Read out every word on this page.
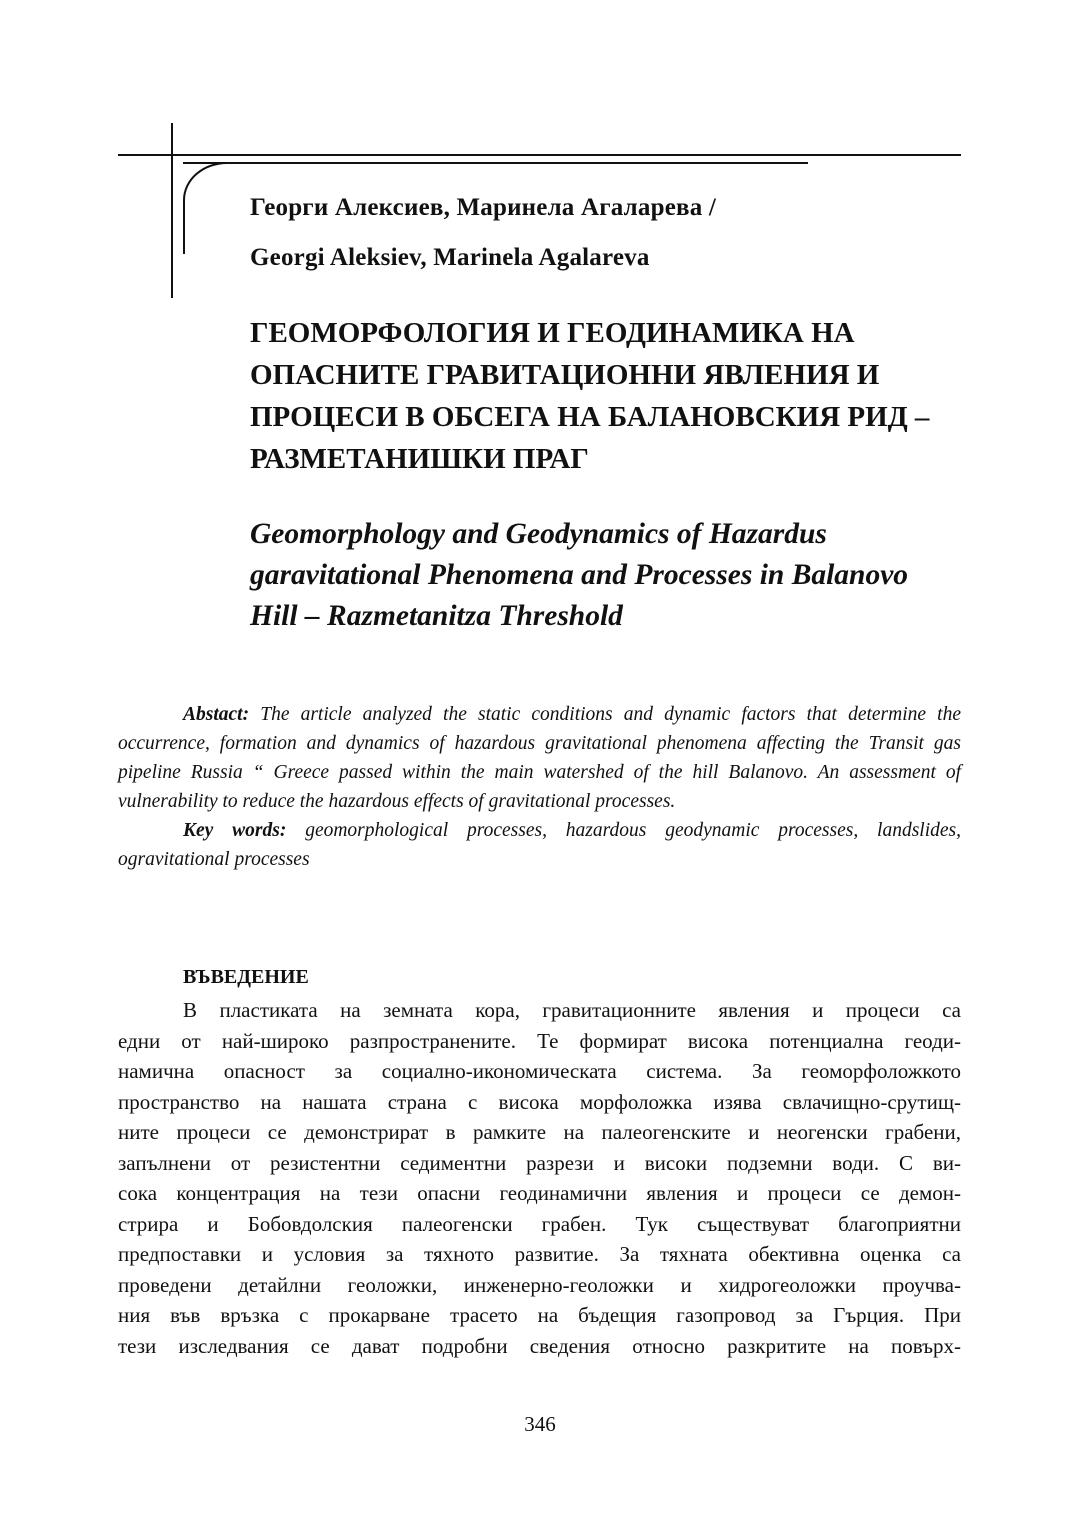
Георги Алексиев, Маринела Агаларева /
Georgi Aleksiev, Marinela Agalareva
ГЕОМОРФОЛОГИЯ И ГЕОДИНАМИКА НА
ОПАСНИТЕ ГРАВИТАЦИОННИ ЯВЛЕНИЯ И
ПРОЦЕСИ В ОБСЕГА НА БАЛАНОВСКИЯ РИД –
РАЗМЕТАНИШКИ ПРАГ
Geomorphology and Geodynamics of Hazardus
garavitational Phenomena and Processes in Balanovo
Hill – Razmetanitza Threshold

Abstact: The article analyzed the static conditions and dynamic factors that determine the occurrence, formation and dynamics of hazardous gravitational phenomena affecting the Transit gas pipeline Russia “ Greece passed within the main watershed of the hill Balanovo. An assessment of vulnerability to reduce the hazardous effects of gravitational processes.

Key words: geomorphological processes, hazardous geodynamic processes, landslides, ogravitational processes

ВЪВЕДЕНИЕ
В пластиката на земната кора, гравитационните явления и процеси са
едни от най-широко разпространените. Те формират висока потенциална геоди-
намична опасност за социално-икономическата система. За геоморфоложкото
пространство на нашата страна с висока морфоложка изява свлачищно-срутищ-
ните процеси се демонстрират в рамките на палеогенските и неогенски грабени,
запълнени от резистентни седиментни разрези и високи подземни води. С ви-
сока концентрация на тези опасни геодинамични явления и процеси се демон-
стрира и Бобовдолския палеогенски грабен. Тук съществуват благоприятни
предпоставки и условия за тяхното развитие. За тяхната обективна оценка са
проведени детайлни геоложки, инженерно-геоложки и хидрогеоложки проучва-
ния във връзка с прокарване трасето на бъдещия газопровод за Гърция. При
тези изследвания се дават подробни сведения относно разкритите на повърх-
346
